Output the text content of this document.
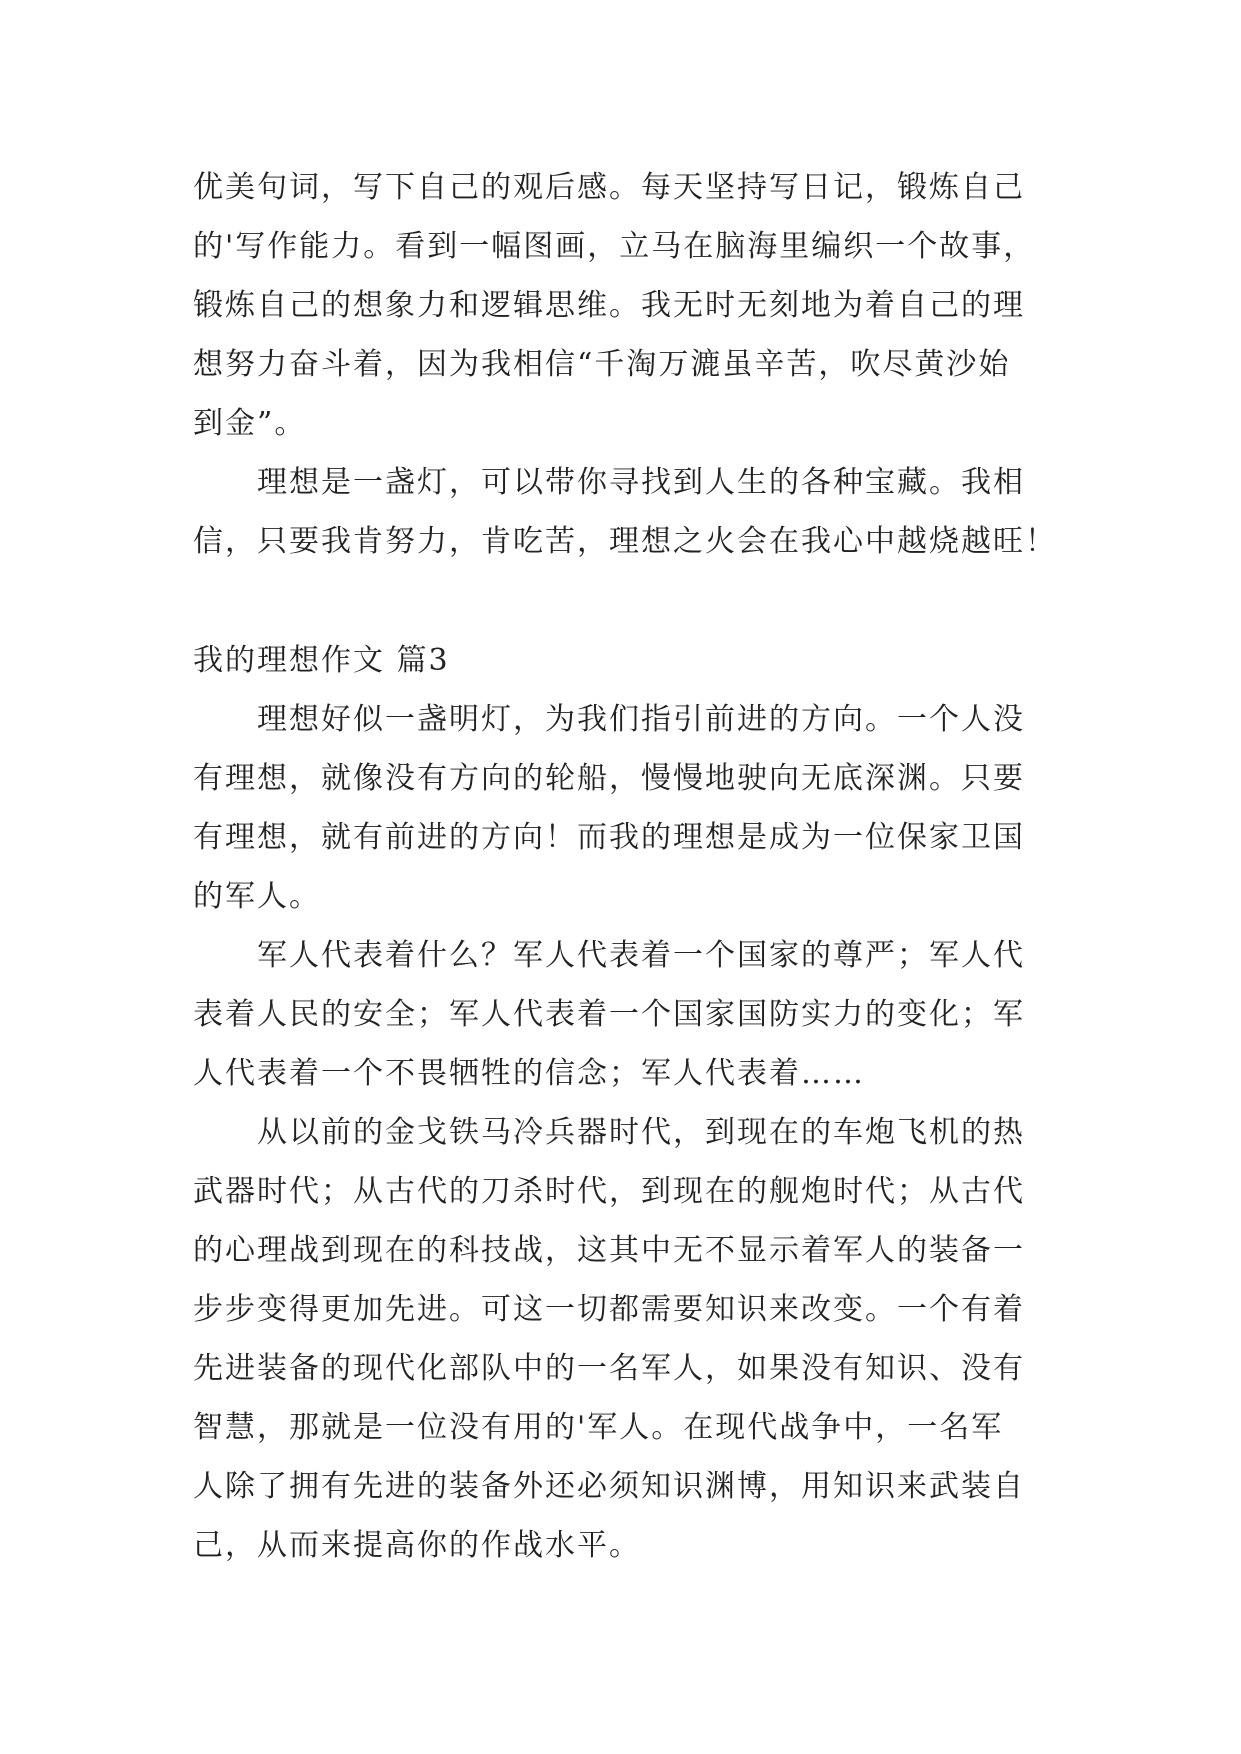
优美句词，写下自己的观后感。每天坚持写日记，锻炼自己
的'写作能力。看到一幅图画，立马在脑海里编织一个故事，
锻炼自己的想象力和逻辑思维。我无时无刻地为着自己的理
想努力奋斗着，因为我相信“千淘万漉虽辛苦，吹尽黄沙始
到金”。
理想是一盏灯，可以带你寻找到人生的各种宝藏。我相
信，只要我肯努力，肯吃苦，理想之火会在我心中越烧越旺！
我的理想作文 篇3
理想好似一盏明灯，为我们指引前进的方向。一个人没
有理想，就像没有方向的轮船，慢慢地驶向无底深渊。只要
有理想，就有前进的方向！而我的理想是成为一位保家卫国
的军人。
军人代表着什么？军人代表着一个国家的尊严；军人代
表着人民的安全；军人代表着一个国家国防实力的变化；军
人代表着一个不畏牺牲的信念；军人代表着……
从以前的金戈铁马冷兵器时代，到现在的车炮飞机的热
武器时代；从古代的刀杀时代，到现在的舰炮时代；从古代
的心理战到现在的科技战，这其中无不显示着军人的装备一
步步变得更加先进。可这一切都需要知识来改变。一个有着
先进装备的现代化部队中的一名军人，如果没有知识、没有
智慧，那就是一位没有用的'军人。在现代战争中，一名军
人除了拥有先进的装备外还必须知识渊博，用知识来武装自
己，从而来提高你的作战水平。
